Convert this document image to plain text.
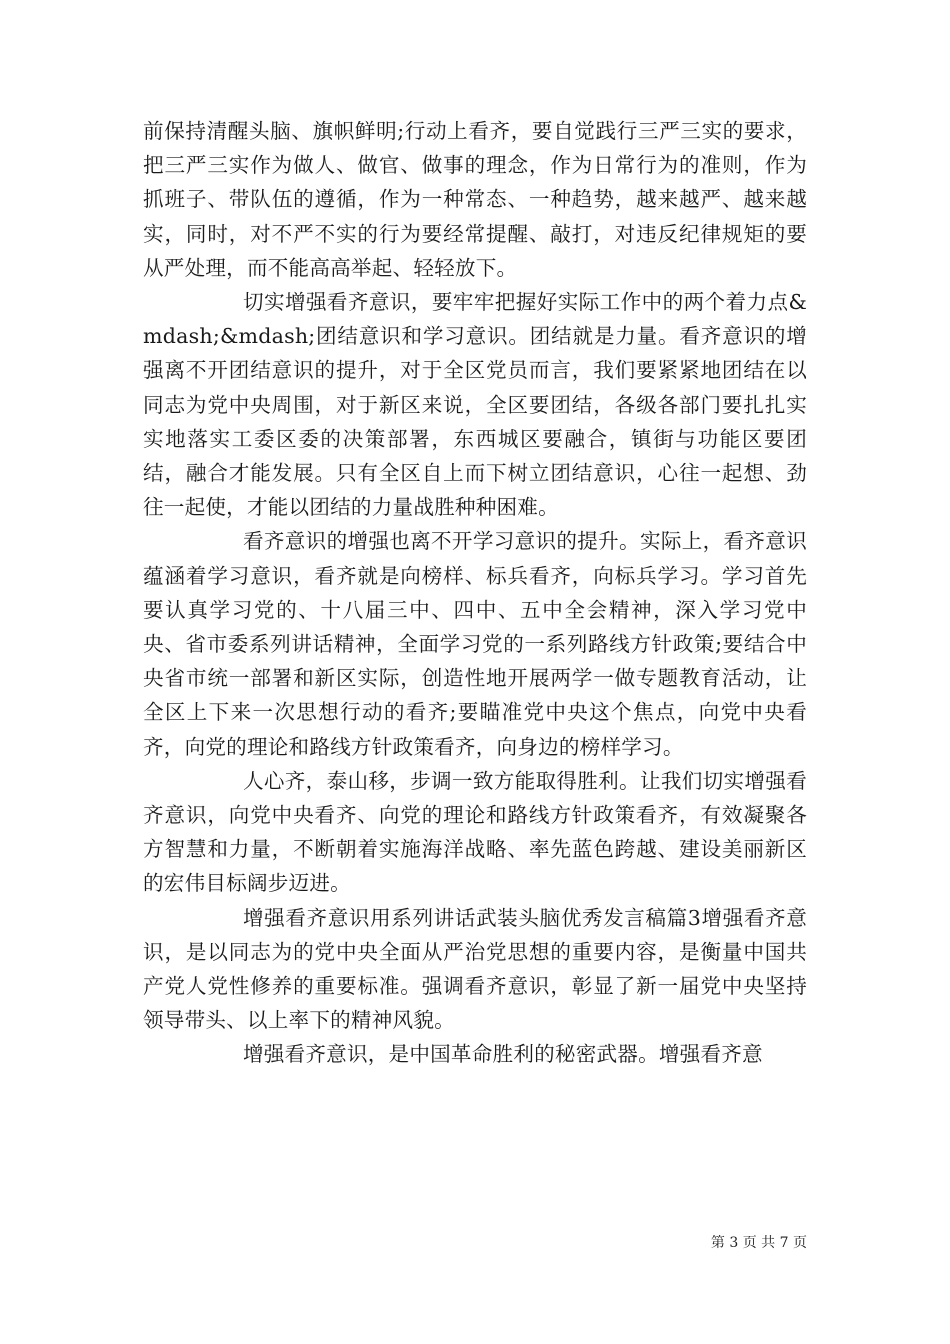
前保持清醒头脑、旗帜鲜明;行动上看齐，要自觉践行三严三实的要求，把三严三实作为做人、做官、做事的理念，作为日常行为的准则，作为抓班子、带队伍的遵循，作为一种常态、一种趋势，越来越严、越来越实，同时，对不严不实的行为要经常提醒、敲打，对违反纪律规矩的要从严处理，而不能高高举起、轻轻放下。

切实增强看齐意识，要牢牢把握好实际工作中的两个着力点&mdash;&mdash;团结意识和学习意识。团结就是力量。看齐意识的增强离不开团结意识的提升，对于全区党员而言，我们要紧紧地团结在以同志为党中央周围，对于新区来说，全区要团结，各级各部门要扎扎实实地落实工委区委的决策部署，东西城区要融合，镇街与功能区要团结，融合才能发展。只有全区自上而下树立团结意识，心往一起想、劲往一起使，才能以团结的力量战胜种种困难。

看齐意识的增强也离不开学习意识的提升。实际上，看齐意识蕴涵着学习意识，看齐就是向榜样、标兵看齐，向标兵学习。学习首先要认真学习党的、十八届三中、四中、五中全会精神，深入学习党中央、省市委系列讲话精神，全面学习党的一系列路线方针政策;要结合中央省市统一部署和新区实际，创造性地开展两学一做专题教育活动，让全区上下来一次思想行动的看齐;要瞄准党中央这个焦点，向党中央看齐，向党的理论和路线方针政策看齐，向身边的榜样学习。

人心齐，泰山移，步调一致方能取得胜利。让我们切实增强看齐意识，向党中央看齐、向党的理论和路线方针政策看齐，有效凝聚各方智慧和力量，不断朝着实施海洋战略、率先蓝色跨越、建设美丽新区的宏伟目标阔步迈进。

增强看齐意识用系列讲话武装头脑优秀发言稿篇3增强看齐意识，是以同志为的党中央全面从严治党思想的重要内容，是衡量中国共产党人党性修养的重要标准。强调看齐意识，彰显了新一届党中央坚持领导带头、以上率下的精神风貌。

增强看齐意识，是中国革命胜利的秘密武器。增强看齐意

第 3 页 共 7 页
